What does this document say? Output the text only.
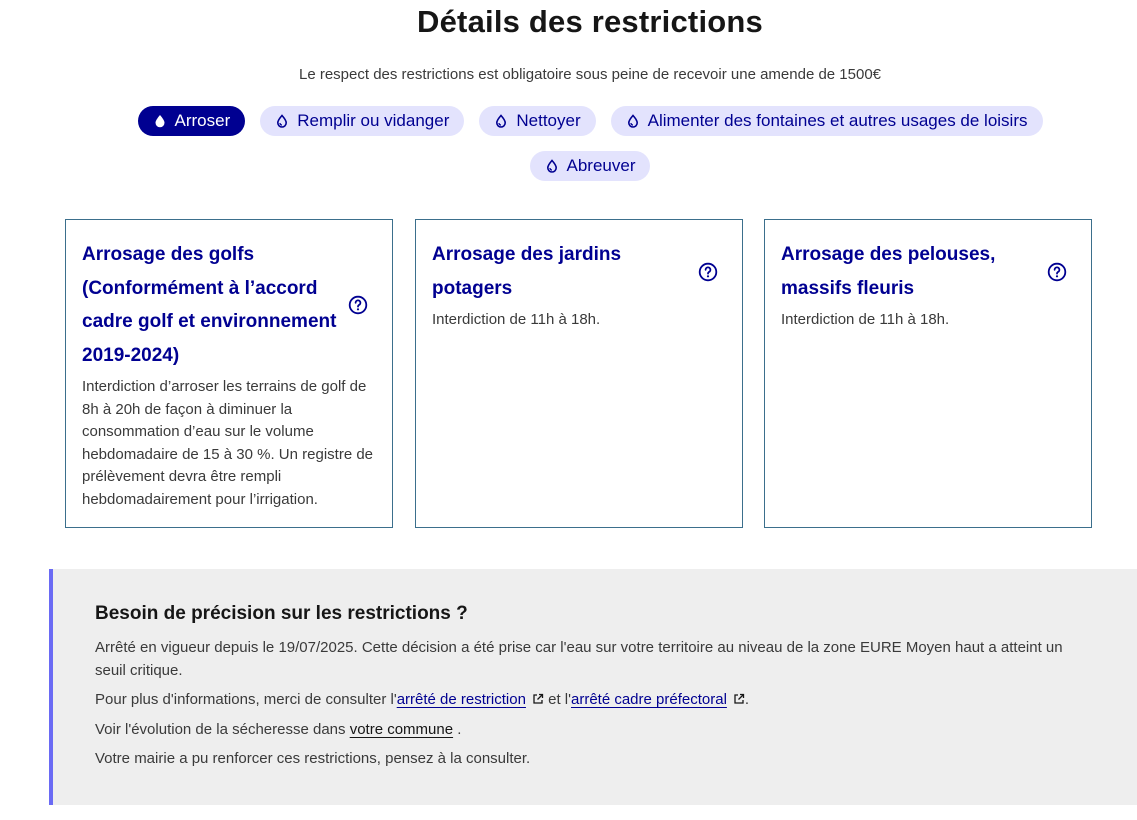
Détails des restrictions
Le respect des restrictions est obligatoire sous peine de recevoir une amende de 1500€
Arroser	Remplir ou vidanger	Nettoyer	Alimenter des fontaines et autres usages de loisirs
Abreuver
Arrosage des golfs (Conformément à l’accord cadre golf et environnement 2019-2024)

Interdiction d’arroser les terrains de golf de 8h à 20h de façon à diminuer la consommation d’eau sur le volume hebdomadaire de 15 à 30 %. Un registre de prélèvement devra être rempli hebdomadairement pour l’irrigation.

Arrosage des jardins potagers

Interdiction de 11h à 18h.

Arrosage des pelouses, massifs fleuris

Interdiction de 11h à 18h.

Besoin de précision sur les restrictions ?

Arrêté en vigueur depuis le 19/07/2025. Cette décision a été prise car l'eau sur votre territoire au niveau de la zone EURE Moyen haut a atteint un seuil critique.

Pour plus d'informations, merci de consulter l'arrêté de restriction et l'arrêté cadre préfectoral .

Voir l'évolution de la sécheresse dans votre commune .

Votre mairie a pu renforcer ces restrictions, pensez à la consulter.
